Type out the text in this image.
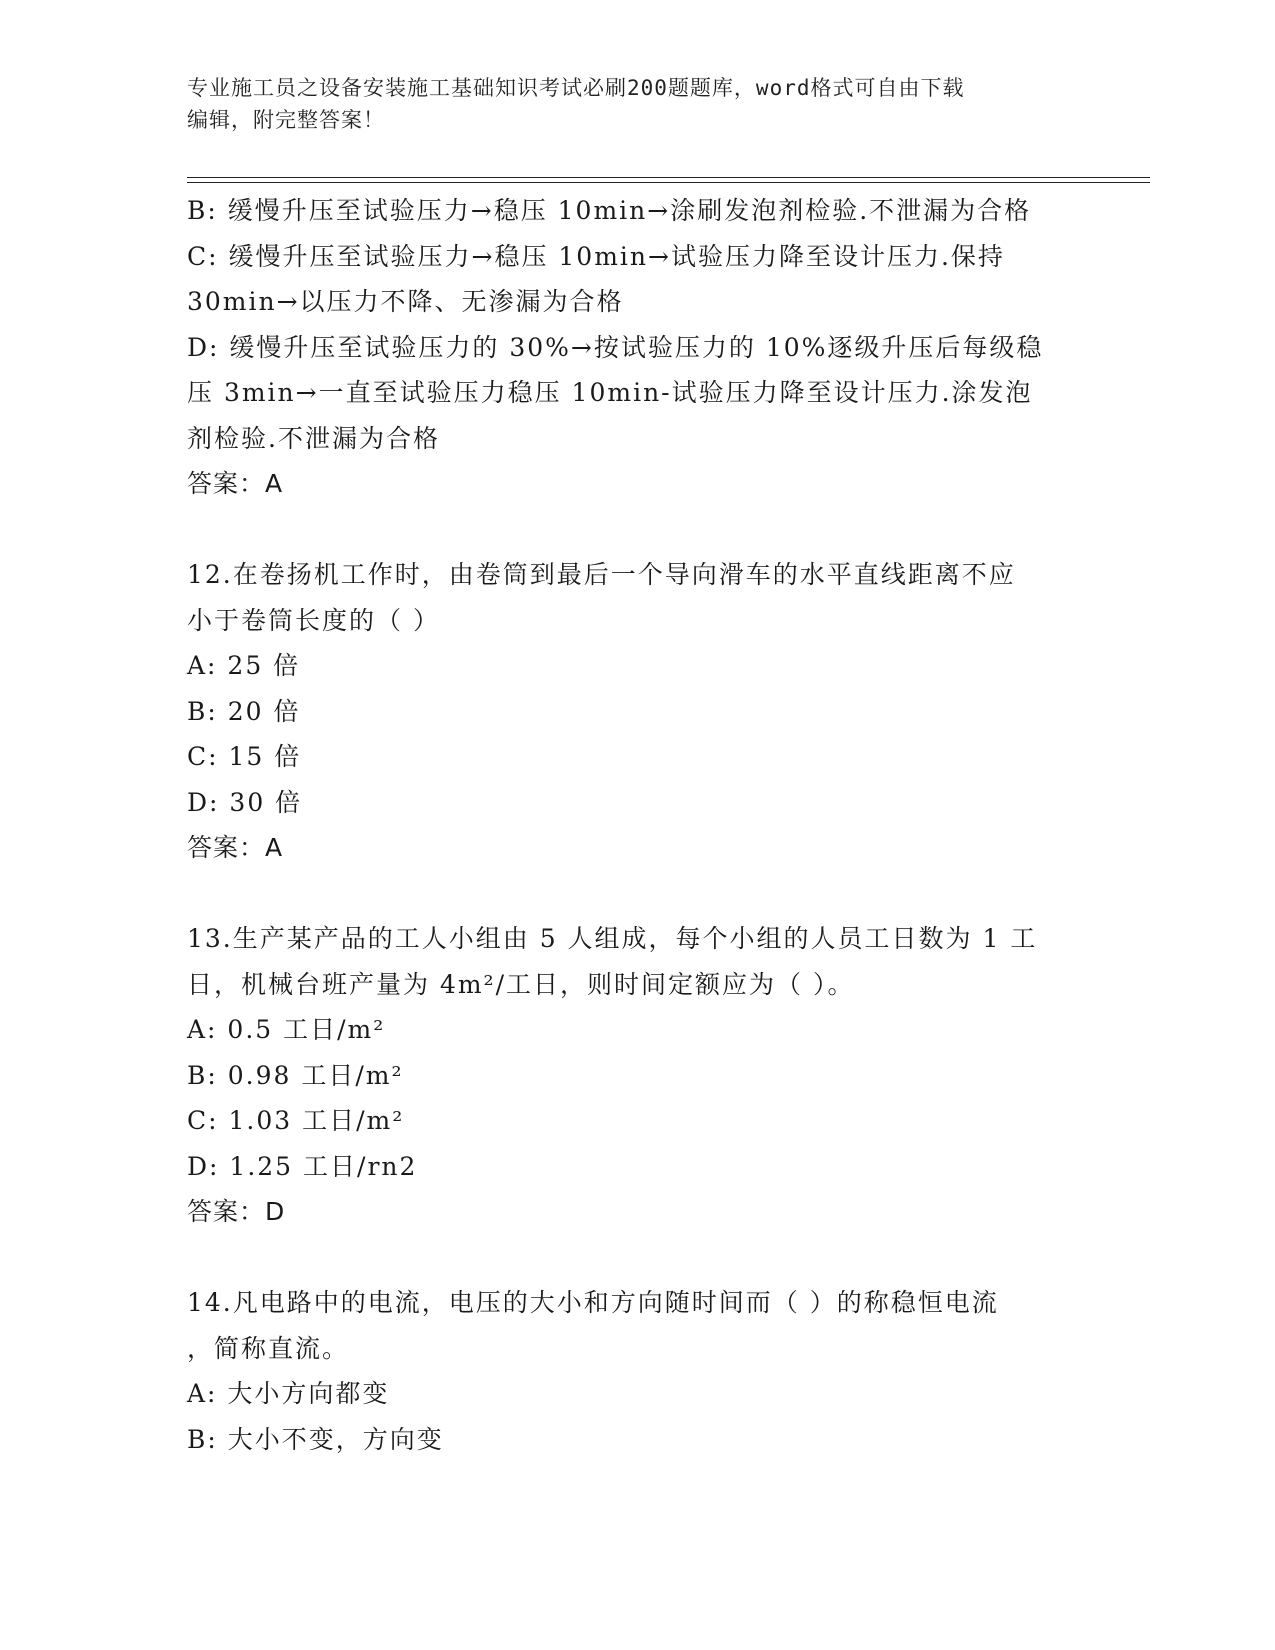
专业施工员之设备安装施工基础知识考试必刷200题题库，word格式可自由下载
编辑，附完整答案！
B: 缓慢升压至试验压力→稳压 10min→涂刷发泡剂检验.不泄漏为合格
C: 缓慢升压至试验压力→稳压 10min→试验压力降至设计压力.保持
30min→以压力不降、无渗漏为合格
D: 缓慢升压至试验压力的 30%→按试验压力的 10%逐级升压后每级稳
压 3min→一直至试验压力稳压 10min-试验压力降至设计压力.涂发泡
剂检验.不泄漏为合格
答案：A
12.在卷扬机工作时，由卷筒到最后一个导向滑车的水平直线距离不应
小于卷筒长度的（ ）
A: 25 倍
B: 20 倍
C: 15 倍
D: 30 倍
答案：A
13.生产某产品的工人小组由 5 人组成，每个小组的人员工日数为 1 工
日，机械台班产量为 4m²/工日，则时间定额应为（ ）。
A: 0.5 工日/m²
B: 0.98 工日/m²
C: 1.03 工日/m²
D: 1.25 工日/rn2
答案：D
14.凡电路中的电流，电压的大小和方向随时间而（ ）的称稳恒电流
，简称直流。
A: 大小方向都变
B: 大小不变，方向变
